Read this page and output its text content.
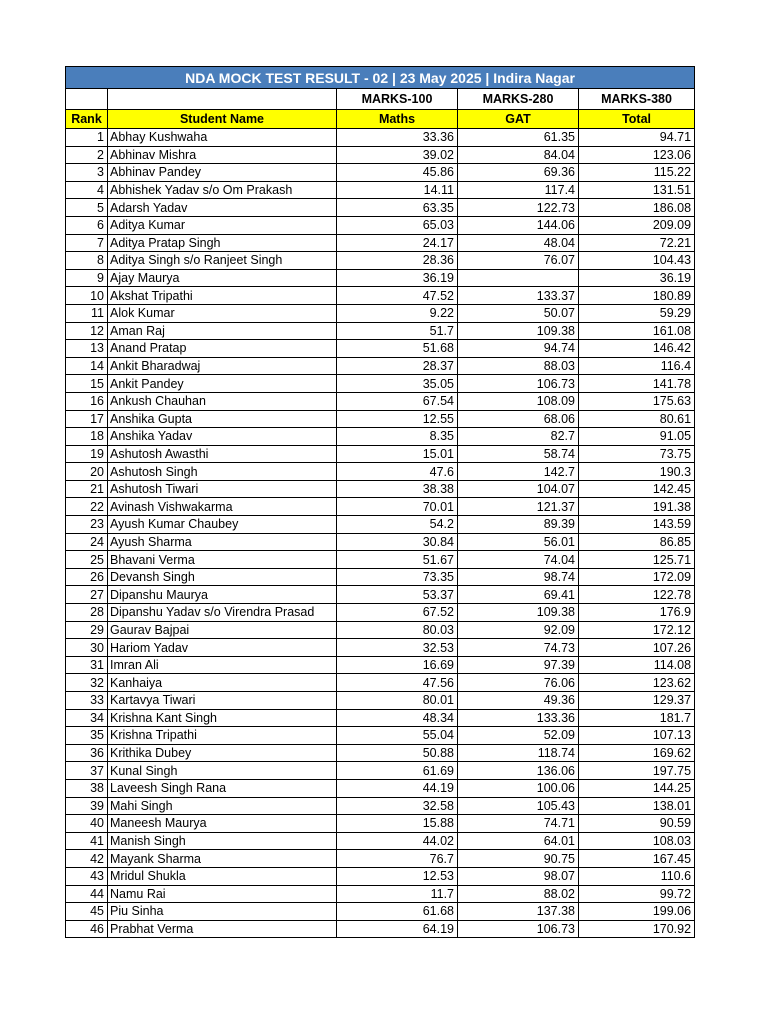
NDA MOCK TEST RESULT - 02 | 23 May 2025 | Indira Nagar				
		MARKS-100	MARKS-280	MARKS-380
Rank	Student Name	Maths	GAT	Total
1	Abhay Kushwaha	33.36	61.35	94.71
2	Abhinav Mishra	39.02	84.04	123.06
3	Abhinav Pandey	45.86	69.36	115.22
4	Abhishek Yadav s/o Om Prakash	14.11	117.4	131.51
5	Adarsh Yadav	63.35	122.73	186.08
6	Aditya Kumar	65.03	144.06	209.09
7	Aditya Pratap Singh	24.17	48.04	72.21
8	Aditya Singh s/o Ranjeet Singh	28.36	76.07	104.43
9	Ajay Maurya	36.19		36.19
10	Akshat Tripathi	47.52	133.37	180.89
11	Alok Kumar	9.22	50.07	59.29
12	Aman Raj	51.7	109.38	161.08
13	Anand Pratap	51.68	94.74	146.42
14	Ankit Bharadwaj	28.37	88.03	116.4
15	Ankit Pandey	35.05	106.73	141.78
16	Ankush Chauhan	67.54	108.09	175.63
17	Anshika Gupta	12.55	68.06	80.61
18	Anshika Yadav	8.35	82.7	91.05
19	Ashutosh Awasthi	15.01	58.74	73.75
20	Ashutosh Singh	47.6	142.7	190.3
21	Ashutosh Tiwari	38.38	104.07	142.45
22	Avinash Vishwakarma	70.01	121.37	191.38
23	Ayush Kumar Chaubey	54.2	89.39	143.59
24	Ayush Sharma	30.84	56.01	86.85
25	Bhavani Verma	51.67	74.04	125.71
26	Devansh Singh	73.35	98.74	172.09
27	Dipanshu Maurya	53.37	69.41	122.78
28	Dipanshu Yadav s/o Virendra Prasad	67.52	109.38	176.9
29	Gaurav Bajpai	80.03	92.09	172.12
30	Hariom Yadav	32.53	74.73	107.26
31	Imran Ali	16.69	97.39	114.08
32	Kanhaiya	47.56	76.06	123.62
33	Kartavya Tiwari	80.01	49.36	129.37
34	Krishna Kant Singh	48.34	133.36	181.7
35	Krishna Tripathi	55.04	52.09	107.13
36	Krithika Dubey	50.88	118.74	169.62
37	Kunal Singh	61.69	136.06	197.75
38	Laveesh Singh Rana	44.19	100.06	144.25
39	Mahi Singh	32.58	105.43	138.01
40	Maneesh Maurya	15.88	74.71	90.59
41	Manish Singh	44.02	64.01	108.03
42	Mayank Sharma	76.7	90.75	167.45
43	Mridul Shukla	12.53	98.07	110.6
44	Namu Rai	11.7	88.02	99.72
45	Piu Sinha	61.68	137.38	199.06
46	Prabhat Verma	64.19	106.73	170.92
